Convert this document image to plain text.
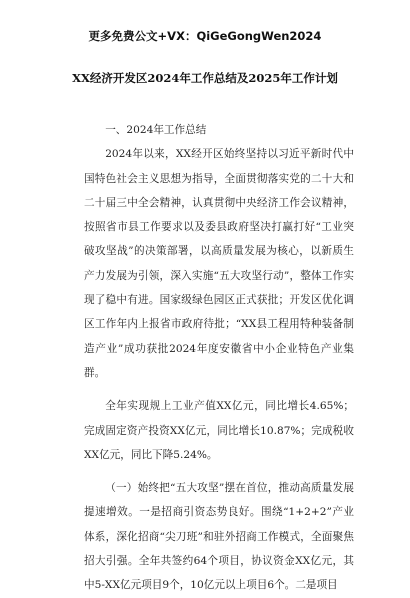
更多免费公文+VX：QiGeGongWen2024
XX经济开发区2024年工作总结及2025年工作计划

一、2024年工作总结

2024年以来，XX经开区始终坚持以习近平新时代中国特色社会主义思想为指导，全面贯彻落实党的二十大和二十届三中全会精神，认真贯彻中央经济工作会议精神，按照省市县工作要求以及委县政府坚决打赢打好“工业突破攻坚战”的决策部署，以高质量发展为核心，以新质生产力发展为引领，深入实施“五大攻坚行动”，整体工作实现了稳中有进。国家级绿色园区正式获批；开发区优化调区工作年内上报省市政府待批；“XX县工程用特种装备制造产业”成功获批2024年度安徽省中小企业特色产业集群。

全年实现规上工业产值XX亿元，同比增长4.65%；完成固定资产投资XX亿元，同比增长10.87%；完成税收XX亿元，同比下降5.24%。

（一）始终把“五大攻坚”摆在首位，推动高质量发展提速增效。一是招商引资态势良好。围绕“1+2+2”产业体系，深化招商“尖刀班”和驻外招商工作模式，全面聚焦招大引强。全年共签约64个项目，协议资金XX亿元，其中5-XX亿元项目9个，10亿元以上项目6个。二是项目
